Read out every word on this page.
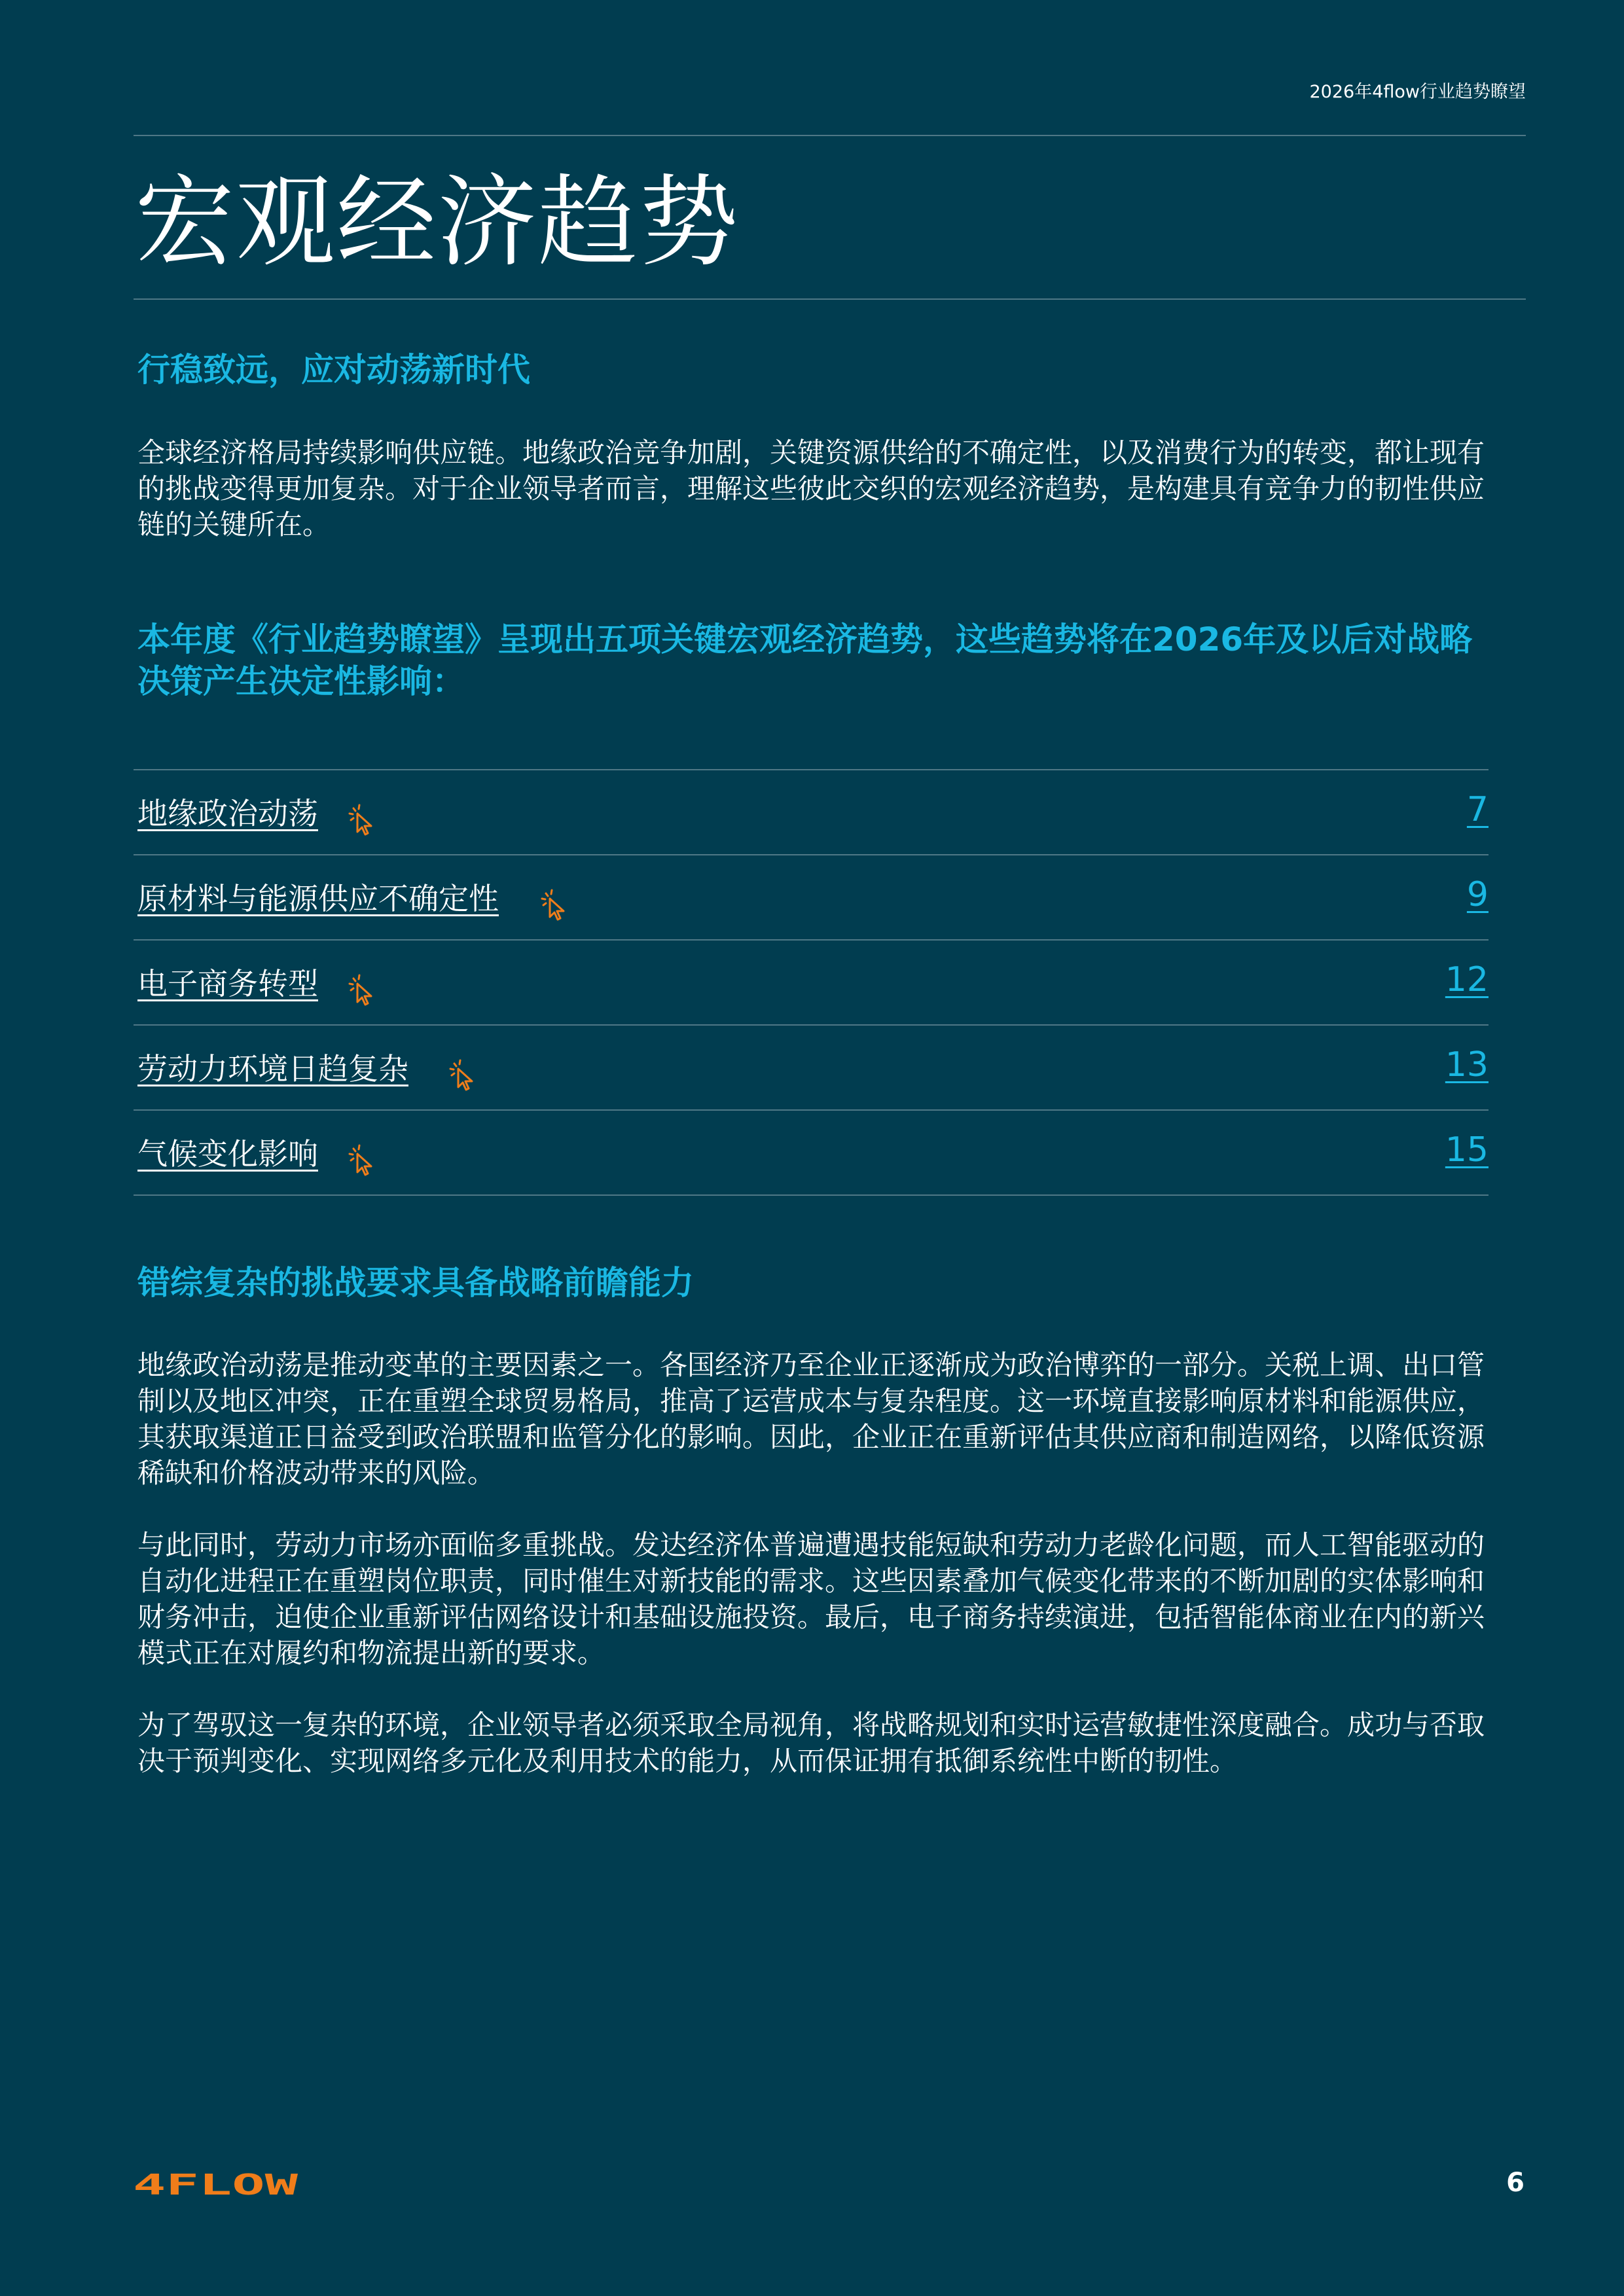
2026年4flow行业趋势瞭望
宏观经济趋势
行稳致远，应对动荡新时代

全球经济格局持续影响供应链。地缘政治竞争加剧，关键资源供给的不确定性，以及消费行为的转变，都让现有的挑战变得更加复杂。对于企业领导者而言，理解这些彼此交织的宏观经济趋势，是构建具有竞争力的韧性供应链的关键所在。

本年度《行业趋势瞭望》呈现出五项关键宏观经济趋势，这些趋势将在2026年及以后对战略决策产生决定性影响：
地缘政治动荡	7
原材料与能源供应不确定性	9
电子商务转型	12
劳动力环境日趋复杂	13
气候变化影响	15
错综复杂的挑战要求具备战略前瞻能力

地缘政治动荡是推动变革的主要因素之一。各国经济乃至企业正逐渐成为政治博弈的一部分。关税上调、出口管制以及地区冲突，正在重塑全球贸易格局，推高了运营成本与复杂程度。这一环境直接影响原材料和能源供应，其获取渠道正日益受到政治联盟和监管分化的影响。因此，企业正在重新评估其供应商和制造网络，以降低资源稀缺和价格波动带来的风险。

与此同时，劳动力市场亦面临多重挑战。发达经济体普遍遭遇技能短缺和劳动力老龄化问题，而人工智能驱动的自动化进程正在重塑岗位职责，同时催生对新技能的需求。这些因素叠加气候变化带来的不断加剧的实体影响和财务冲击，迫使企业重新评估网络设计和基础设施投资。最后，电子商务持续演进，包括智能体商业在内的新兴模式正在对履约和物流提出新的要求。

为了驾驭这一复杂的环境，企业领导者必须采取全局视角，将战略规划和实时运营敏捷性深度融合。成功与否取决于预判变化、实现网络多元化及利用技术的能力，从而保证拥有抵御系统性中断的韧性。

4FLOW	6
